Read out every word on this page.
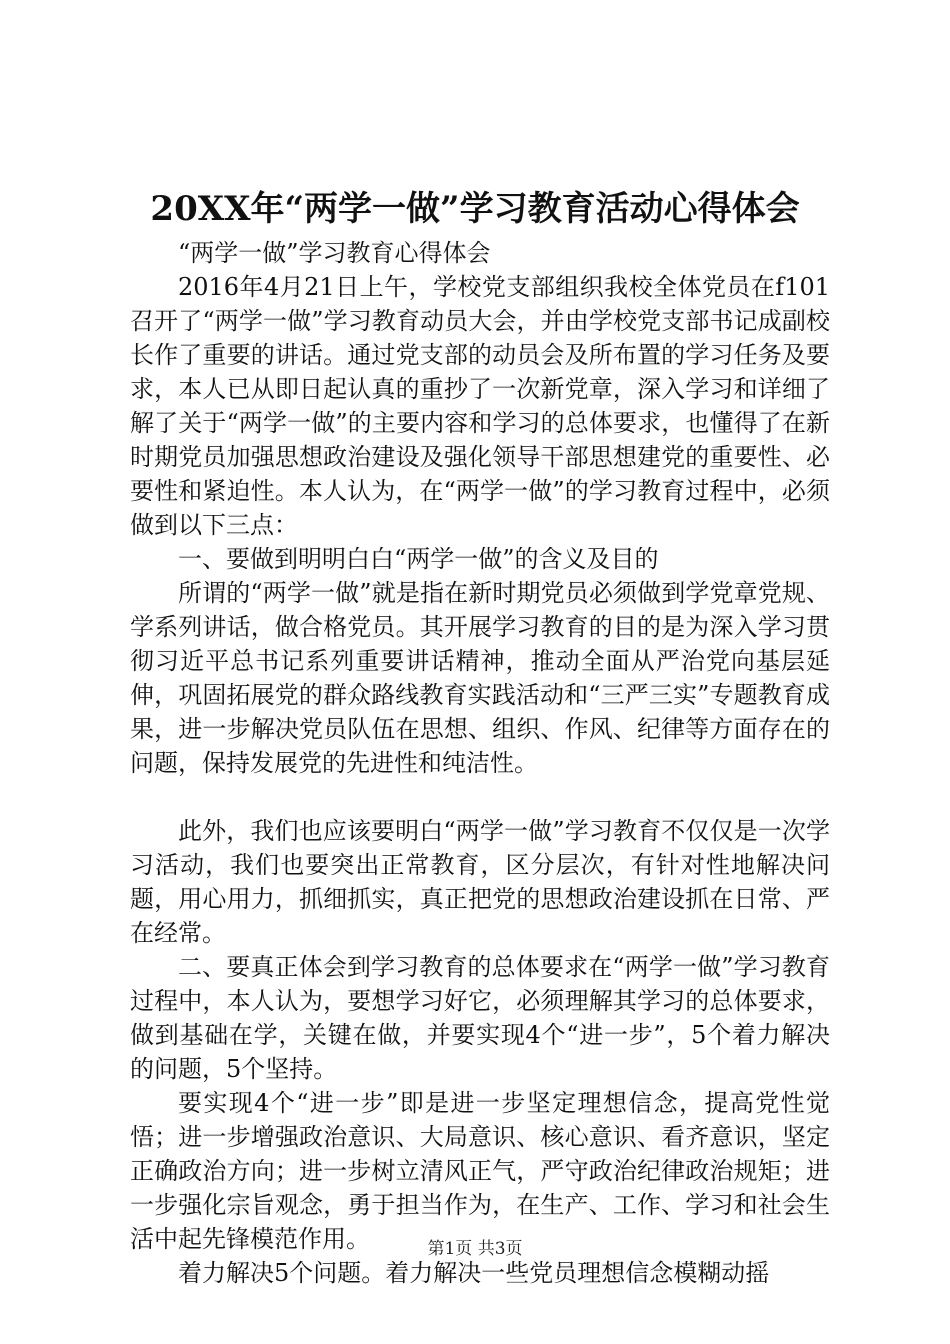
20XX年“两学一做”学习教育活动心得体会

“两学一做”学习教育心得体会

2016年4月21日上午，学校党支部组织我校全体党员在f101召开了“两学一做”学习教育动员大会，并由学校党支部书记成副校长作了重要的讲话。通过党支部的动员会及所布置的学习任务及要求，本人已从即日起认真的重抄了一次新党章，深入学习和详细了解了关于“两学一做”的主要内容和学习的总体要求，也懂得了在新时期党员加强思想政治建设及强化领导干部思想建党的重要性、必要性和紧迫性。本人认为，在“两学一做”的学习教育过程中，必须做到以下三点：

一、要做到明明白白“两学一做”的含义及目的

所谓的“两学一做”就是指在新时期党员必须做到学党章党规、学系列讲话，做合格党员。其开展学习教育的目的是为深入学习贯彻习近平总书记系列重要讲话精神，推动全面从严治党向基层延伸，巩固拓展党的群众路线教育实践活动和“三严三实”专题教育成果，进一步解决党员队伍在思想、组织、作风、纪律等方面存在的问题，保持发展党的先进性和纯洁性。

此外，我们也应该要明白“两学一做”学习教育不仅仅是一次学习活动，我们也要突出正常教育，区分层次，有针对性地解决问题，用心用力，抓细抓实，真正把党的思想政治建设抓在日常、严在经常。

二、要真正体会到学习教育的总体要求在“两学一做”学习教育过程中，本人认为，要想学习好它，必须理解其学习的总体要求，做到基础在学，关键在做，并要实现4个“进一步”，5个着力解决的问题，5个坚持。

要实现4个“进一步”即是进一步坚定理想信念，提高党性觉悟；进一步增强政治意识、大局意识、核心意识、看齐意识，坚定正确政治方向；进一步树立清风正气，严守政治纪律政治规矩；进一步强化宗旨观念，勇于担当作为，在生产、工作、学习和社会生活中起先锋模范作用。

着力解决5个问题。着力解决一些党员理想信念模糊动摇

第1页 共3页
